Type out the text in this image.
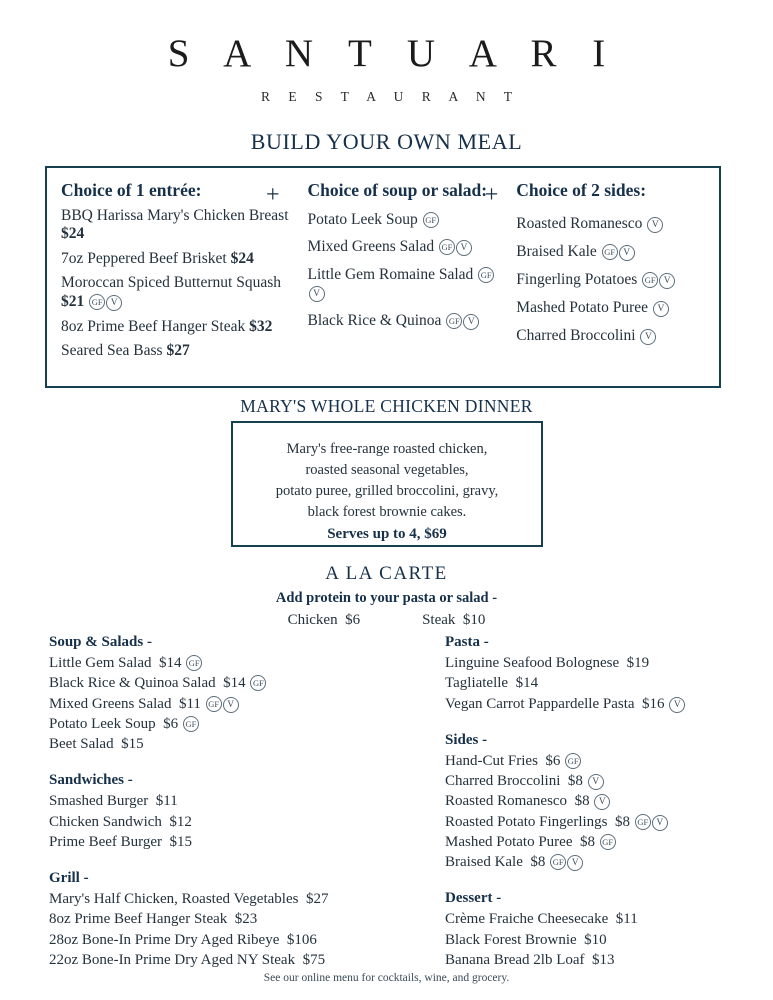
S A N T U A R I
R E S T A U R A N T
BUILD YOUR OWN MEAL
Choice of 1 entrée:	+
BBQ Harissa Mary's Chicken Breast $24
7oz Peppered Beef Brisket $24
Moroccan Spiced Butternut Squash $21 GF V
8oz Prime Beef Hanger Steak $32
Seared Sea Bass $27
Choice of soup or salad:
+
Potato Leek Soup GF
Mixed Greens Salad GF V
Little Gem Romaine Salad GFV
Black Rice & Quinoa GF V
Choice of 2 sides:
Roasted Romanesco V
Braised Kale GF V
Fingerling Potatoes GF V
Mashed Potato Puree V
Charred Broccolini V
MARY'S WHOLE CHICKEN DINNER
Mary's free-range roasted chicken,
roasted seasonal vegetables,
potato puree, grilled broccolini, gravy,
black forest brownie cakes.
Serves up to 4, $69
A LA CARTE
Add protein to your pasta or salad -
Chicken  $6	Steak  $10
Soup & Salads -
Little Gem Salad $14 GF
Black Rice & Quinoa Salad $14 GF
Mixed Greens Salad $11 GF V
Potato Leek Soup $6 GF
Beet Salad $15
Sandwiches -
Smashed Burger $11
Chicken Sandwich $12
Prime Beef Burger $15
Grill -
Mary's Half Chicken, Roasted Vegetables $27
8oz Prime Beef Hanger Steak $23
28oz Bone-In Prime Dry Aged Ribeye $106
22oz Bone-In Prime Dry Aged NY Steak $75
Pasta -
Linguine Seafood Bolognese $19
Tagliatelle $14
Vegan Carrot Pappardelle Pasta $16 V
Sides -
Hand-Cut Fries $6 GF
Charred Broccolini $8 V
Roasted Romanesco $8 V
Roasted Potato Fingerlings $8 GF V
Mashed Potato Puree $8 GF
Braised Kale $8 GF V
Dessert -
Crème Fraiche Cheesecake $11
Black Forest Brownie $10
Banana Bread 2lb Loaf $13
See our online menu for cocktails, wine, and grocery.
